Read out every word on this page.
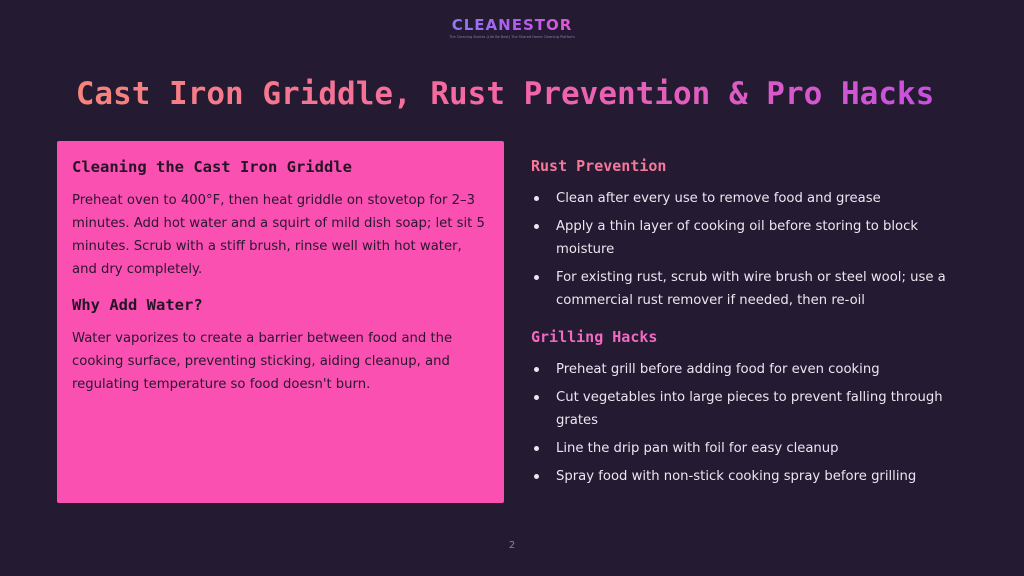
CLEANESTOR
The Cleaning Stories (Life Be Best) The Shared Home Cleaning Platform
Cast Iron Griddle, Rust Prevention & Pro Hacks
Cleaning the Cast Iron Griddle

Preheat oven to 400°F, then heat griddle on stovetop for 2–3 minutes. Add hot water and a squirt of mild dish soap; let sit 5 minutes. Scrub with a stiff brush, rinse well with hot water, and dry completely.

Why Add Water?

Water vaporizes to create a barrier between food and the cooking surface, preventing sticking, aiding cleanup, and regulating temperature so food doesn't burn.

Rust Prevention
Clean after every use to remove food and grease
Apply a thin layer of cooking oil before storing to block moisture
For existing rust, scrub with wire brush or steel wool; use a commercial rust remover if needed, then re-oil
Grilling Hacks
Preheat grill before adding food for even cooking
Cut vegetables into large pieces to prevent falling through grates
Line the drip pan with foil for easy cleanup
Spray food with non-stick cooking spray before grilling
2
